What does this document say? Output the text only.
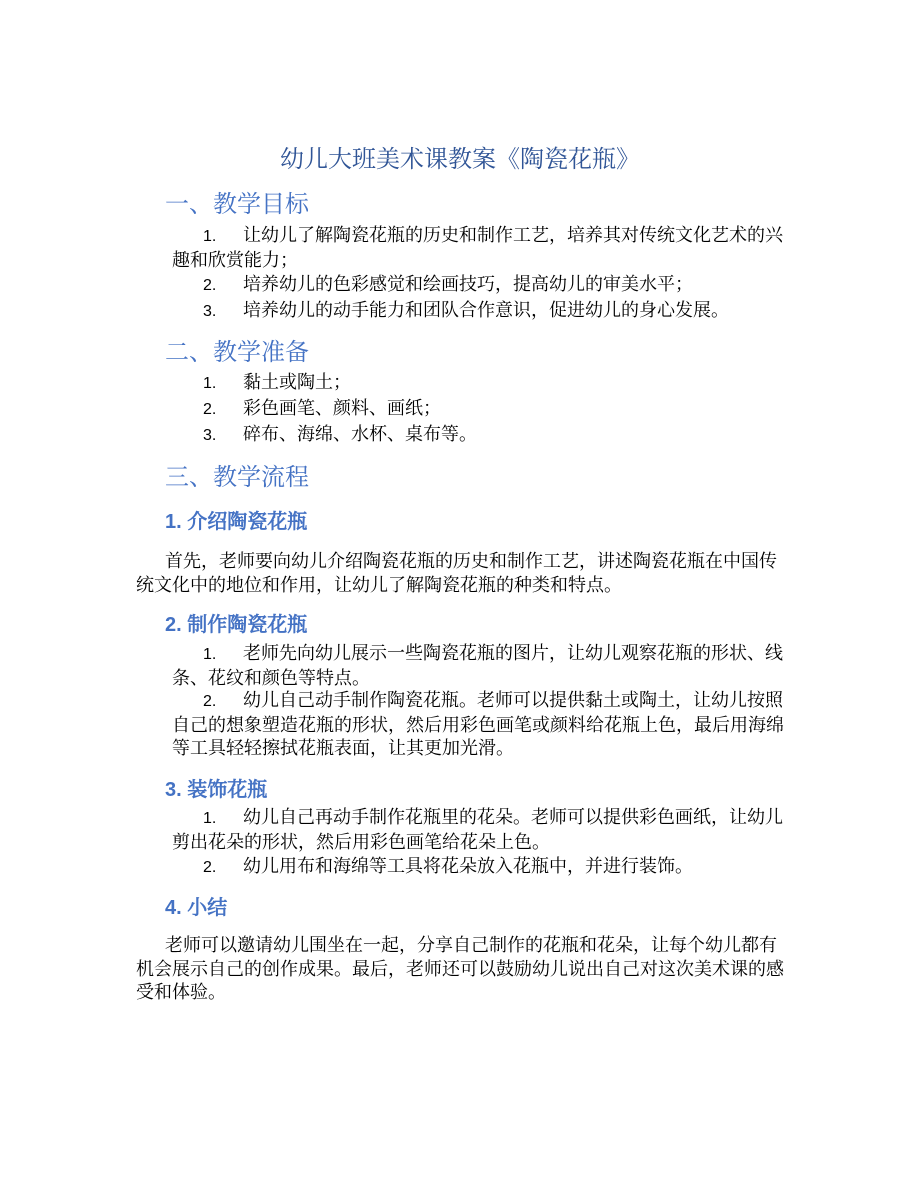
幼儿大班美术课教案《陶瓷花瓶》
一、教学目标
1. 让幼儿了解陶瓷花瓶的历史和制作工艺，培养其对传统文化艺术的兴
趣和欣赏能力；
2. 培养幼儿的色彩感觉和绘画技巧，提高幼儿的审美水平；
3. 培养幼儿的动手能力和团队合作意识，促进幼儿的身心发展。
二、教学准备
1. 黏土或陶土；
2. 彩色画笔、颜料、画纸；
3. 碎布、海绵、水杯、桌布等。
三、教学流程
1. 介绍陶瓷花瓶
首先，老师要向幼儿介绍陶瓷花瓶的历史和制作工艺，讲述陶瓷花瓶在中国传
统文化中的地位和作用，让幼儿了解陶瓷花瓶的种类和特点。
2. 制作陶瓷花瓶
1. 老师先向幼儿展示一些陶瓷花瓶的图片，让幼儿观察花瓶的形状、线
条、花纹和颜色等特点。
2. 幼儿自己动手制作陶瓷花瓶。老师可以提供黏土或陶土，让幼儿按照
自己的想象塑造花瓶的形状，然后用彩色画笔或颜料给花瓶上色，最后用海绵
等工具轻轻擦拭花瓶表面，让其更加光滑。
3. 装饰花瓶
1. 幼儿自己再动手制作花瓶里的花朵。老师可以提供彩色画纸，让幼儿
剪出花朵的形状，然后用彩色画笔给花朵上色。
2. 幼儿用布和海绵等工具将花朵放入花瓶中，并进行装饰。
4. 小结
老师可以邀请幼儿围坐在一起，分享自己制作的花瓶和花朵，让每个幼儿都有
机会展示自己的创作成果。最后，老师还可以鼓励幼儿说出自己对这次美术课的感
受和体验。
